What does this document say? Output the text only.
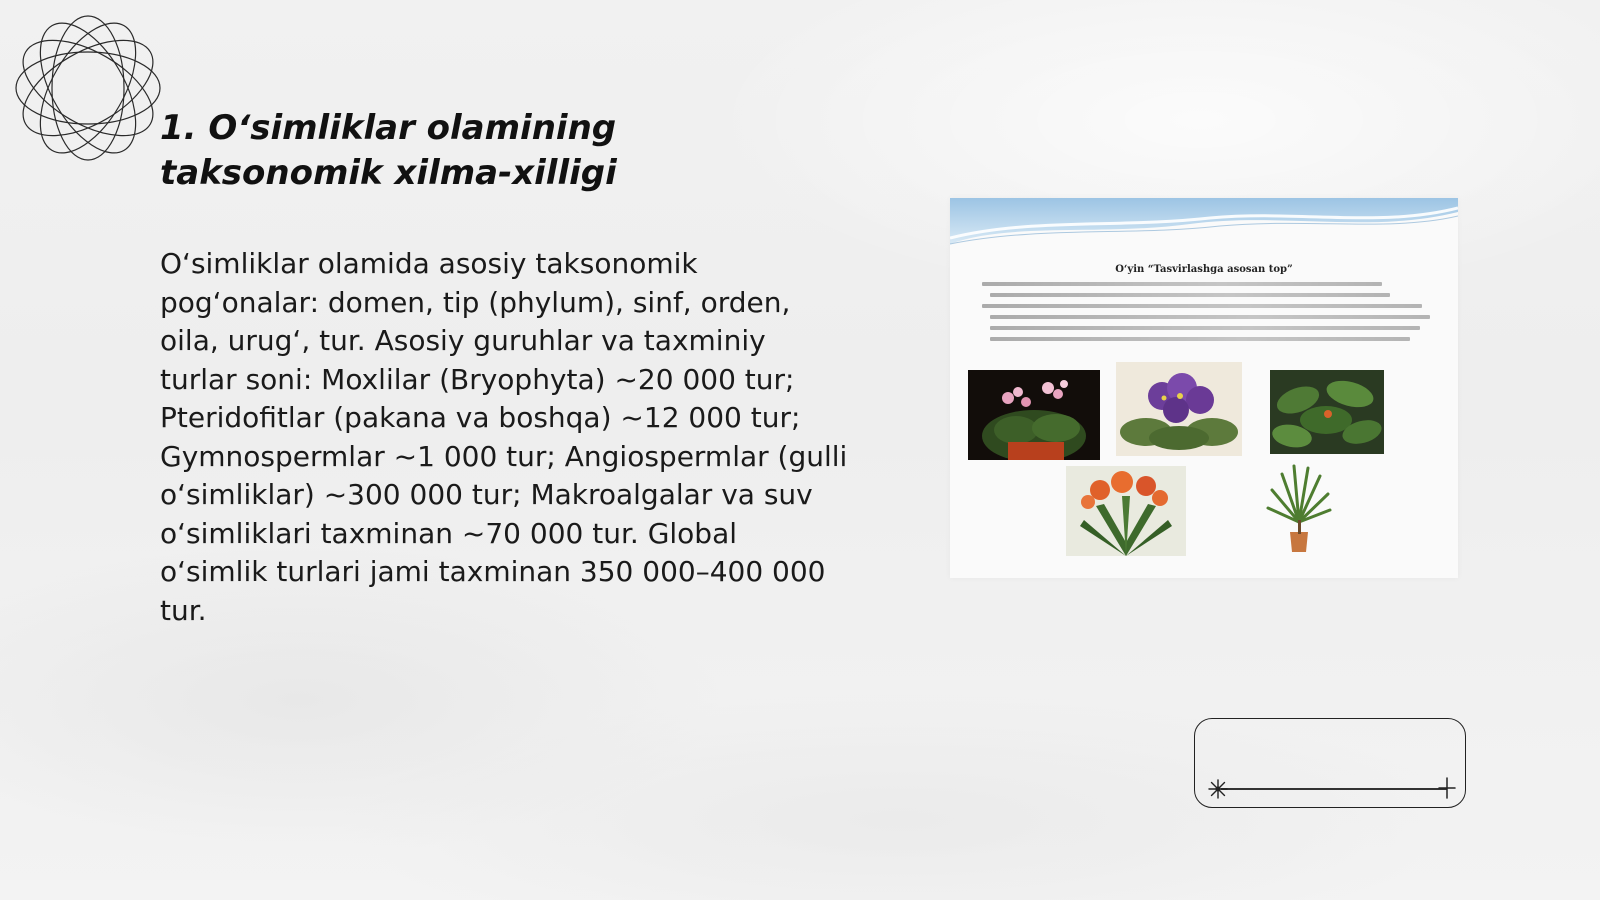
1. O‘simliklar olamining taksonomik xilma-xilligi

O‘simliklar olamida asosiy taksonomik pog‘onalar: domen, tip (phylum), sinf, orden, oila, urug‘, tur. Asosiy guruhlar va taxminiy turlar soni: Moxlilar (Bryophyta) ~20 000 tur; Pteridofitlar (pakana va boshqa) ~12 000 tur; Gymnospermlar ~1 000 tur; Angiospermlar (gulli o‘simliklar) ~300 000 tur; Makroalgalar va suv o‘simliklari taxminan ~70 000 tur. Global o‘simlik turlari jami taxminan 350 000–400 000 tur.

O‘yin “Tasvirlashga asosan top”
